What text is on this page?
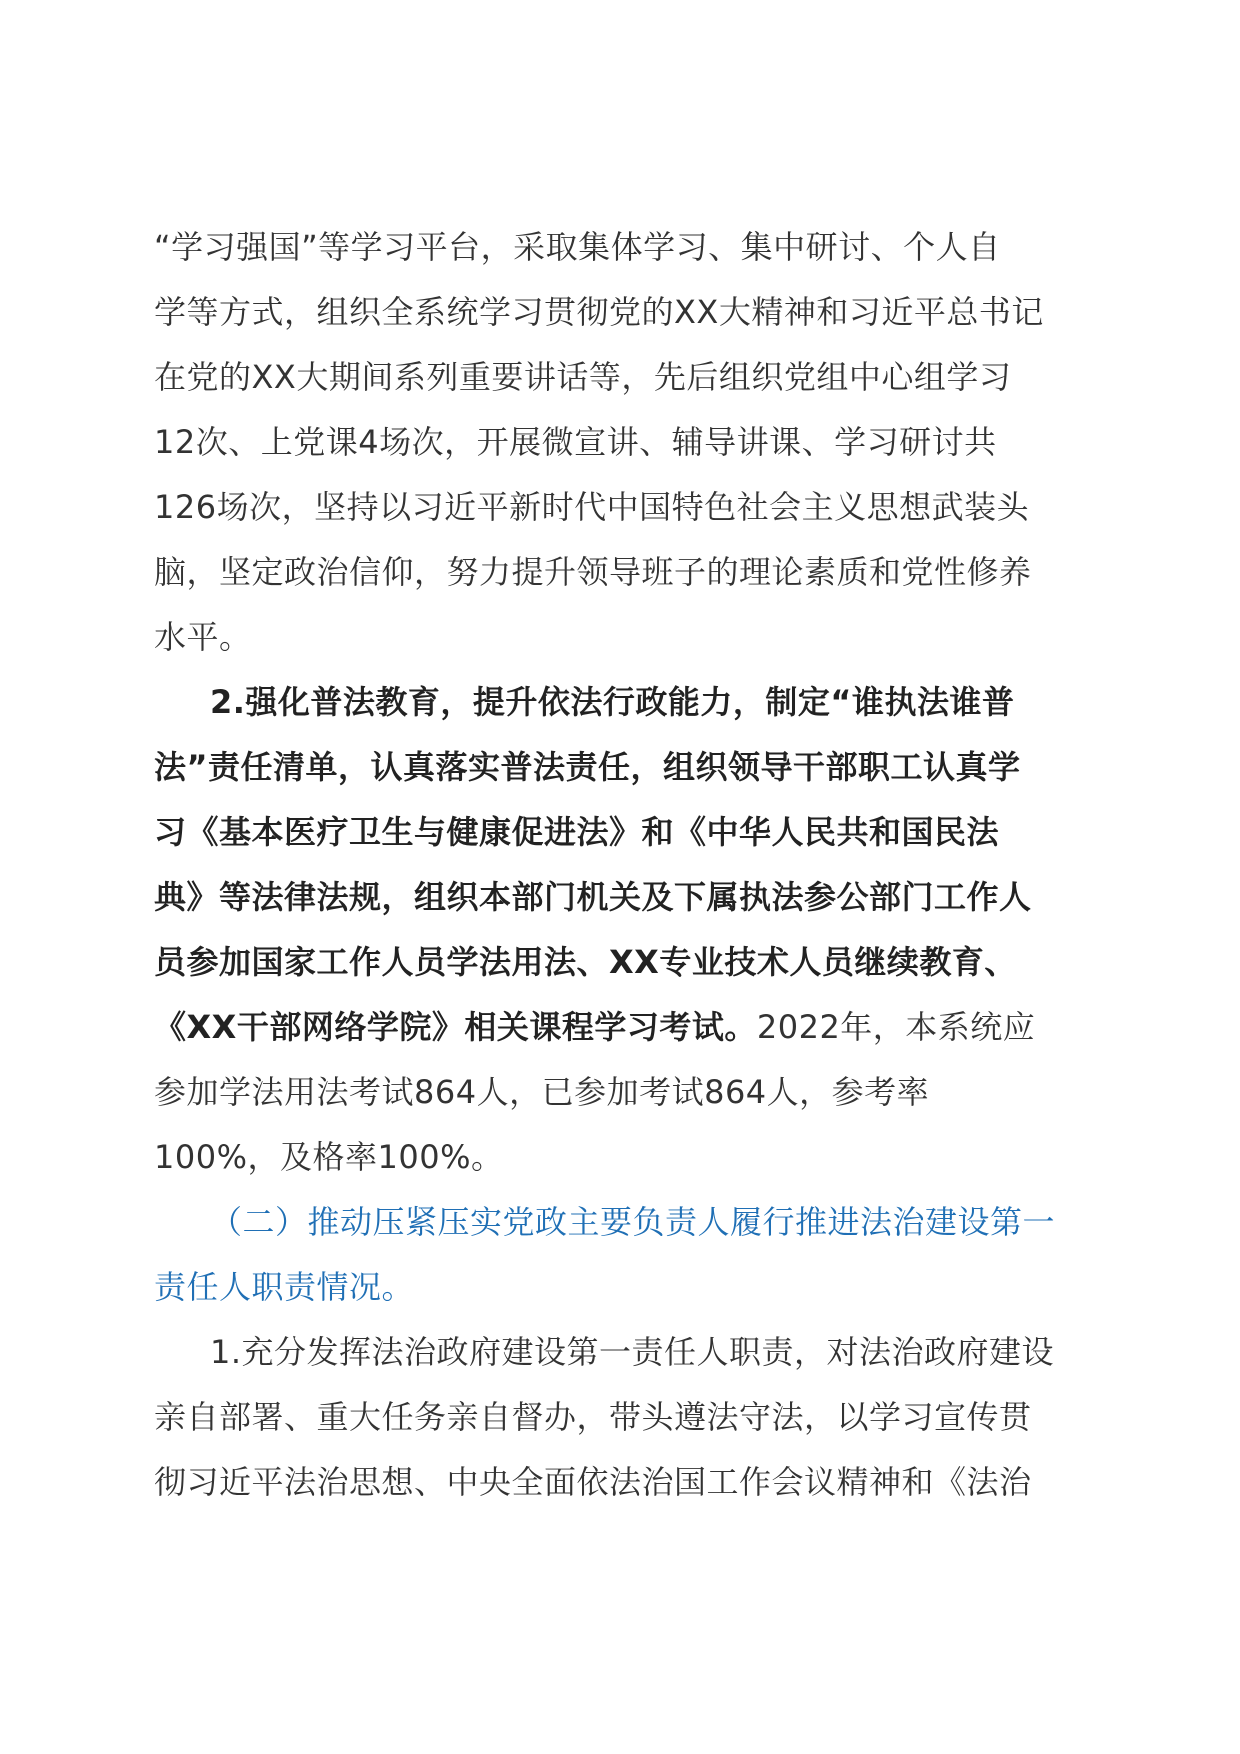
“学习强国”等学习平台，采取集体学习、集中研讨、个人自
学等方式，组织全系统学习贯彻党的XX大精神和习近平总书记
在党的XX大期间系列重要讲话等，先后组织党组中心组学习
12次、上党课4场次，开展微宣讲、辅导讲课、学习研讨共
126场次，坚持以习近平新时代中国特色社会主义思想武装头
脑，坚定政治信仰，努力提升领导班子的理论素质和党性修养
水平。
2.强化普法教育，提升依法行政能力，制定“谁执法谁普
法”责任清单，认真落实普法责任，组织领导干部职工认真学
习《基本医疗卫生与健康促进法》和《中华人民共和国民法
典》等法律法规，组织本部门机关及下属执法参公部门工作人
员参加国家工作人员学法用法、XX专业技术人员继续教育、
《XX干部网络学院》相关课程学习考试。2022年，本系统应
参加学法用法考试864人，已参加考试864人，参考率
100%，及格率100%。
（二）推动压紧压实党政主要负责人履行推进法治建设第一
责任人职责情况。
1.充分发挥法治政府建设第一责任人职责，对法治政府建设
亲自部署、重大任务亲自督办，带头遵法守法，以学习宣传贯
彻习近平法治思想、中央全面依法治国工作会议精神和《法治
